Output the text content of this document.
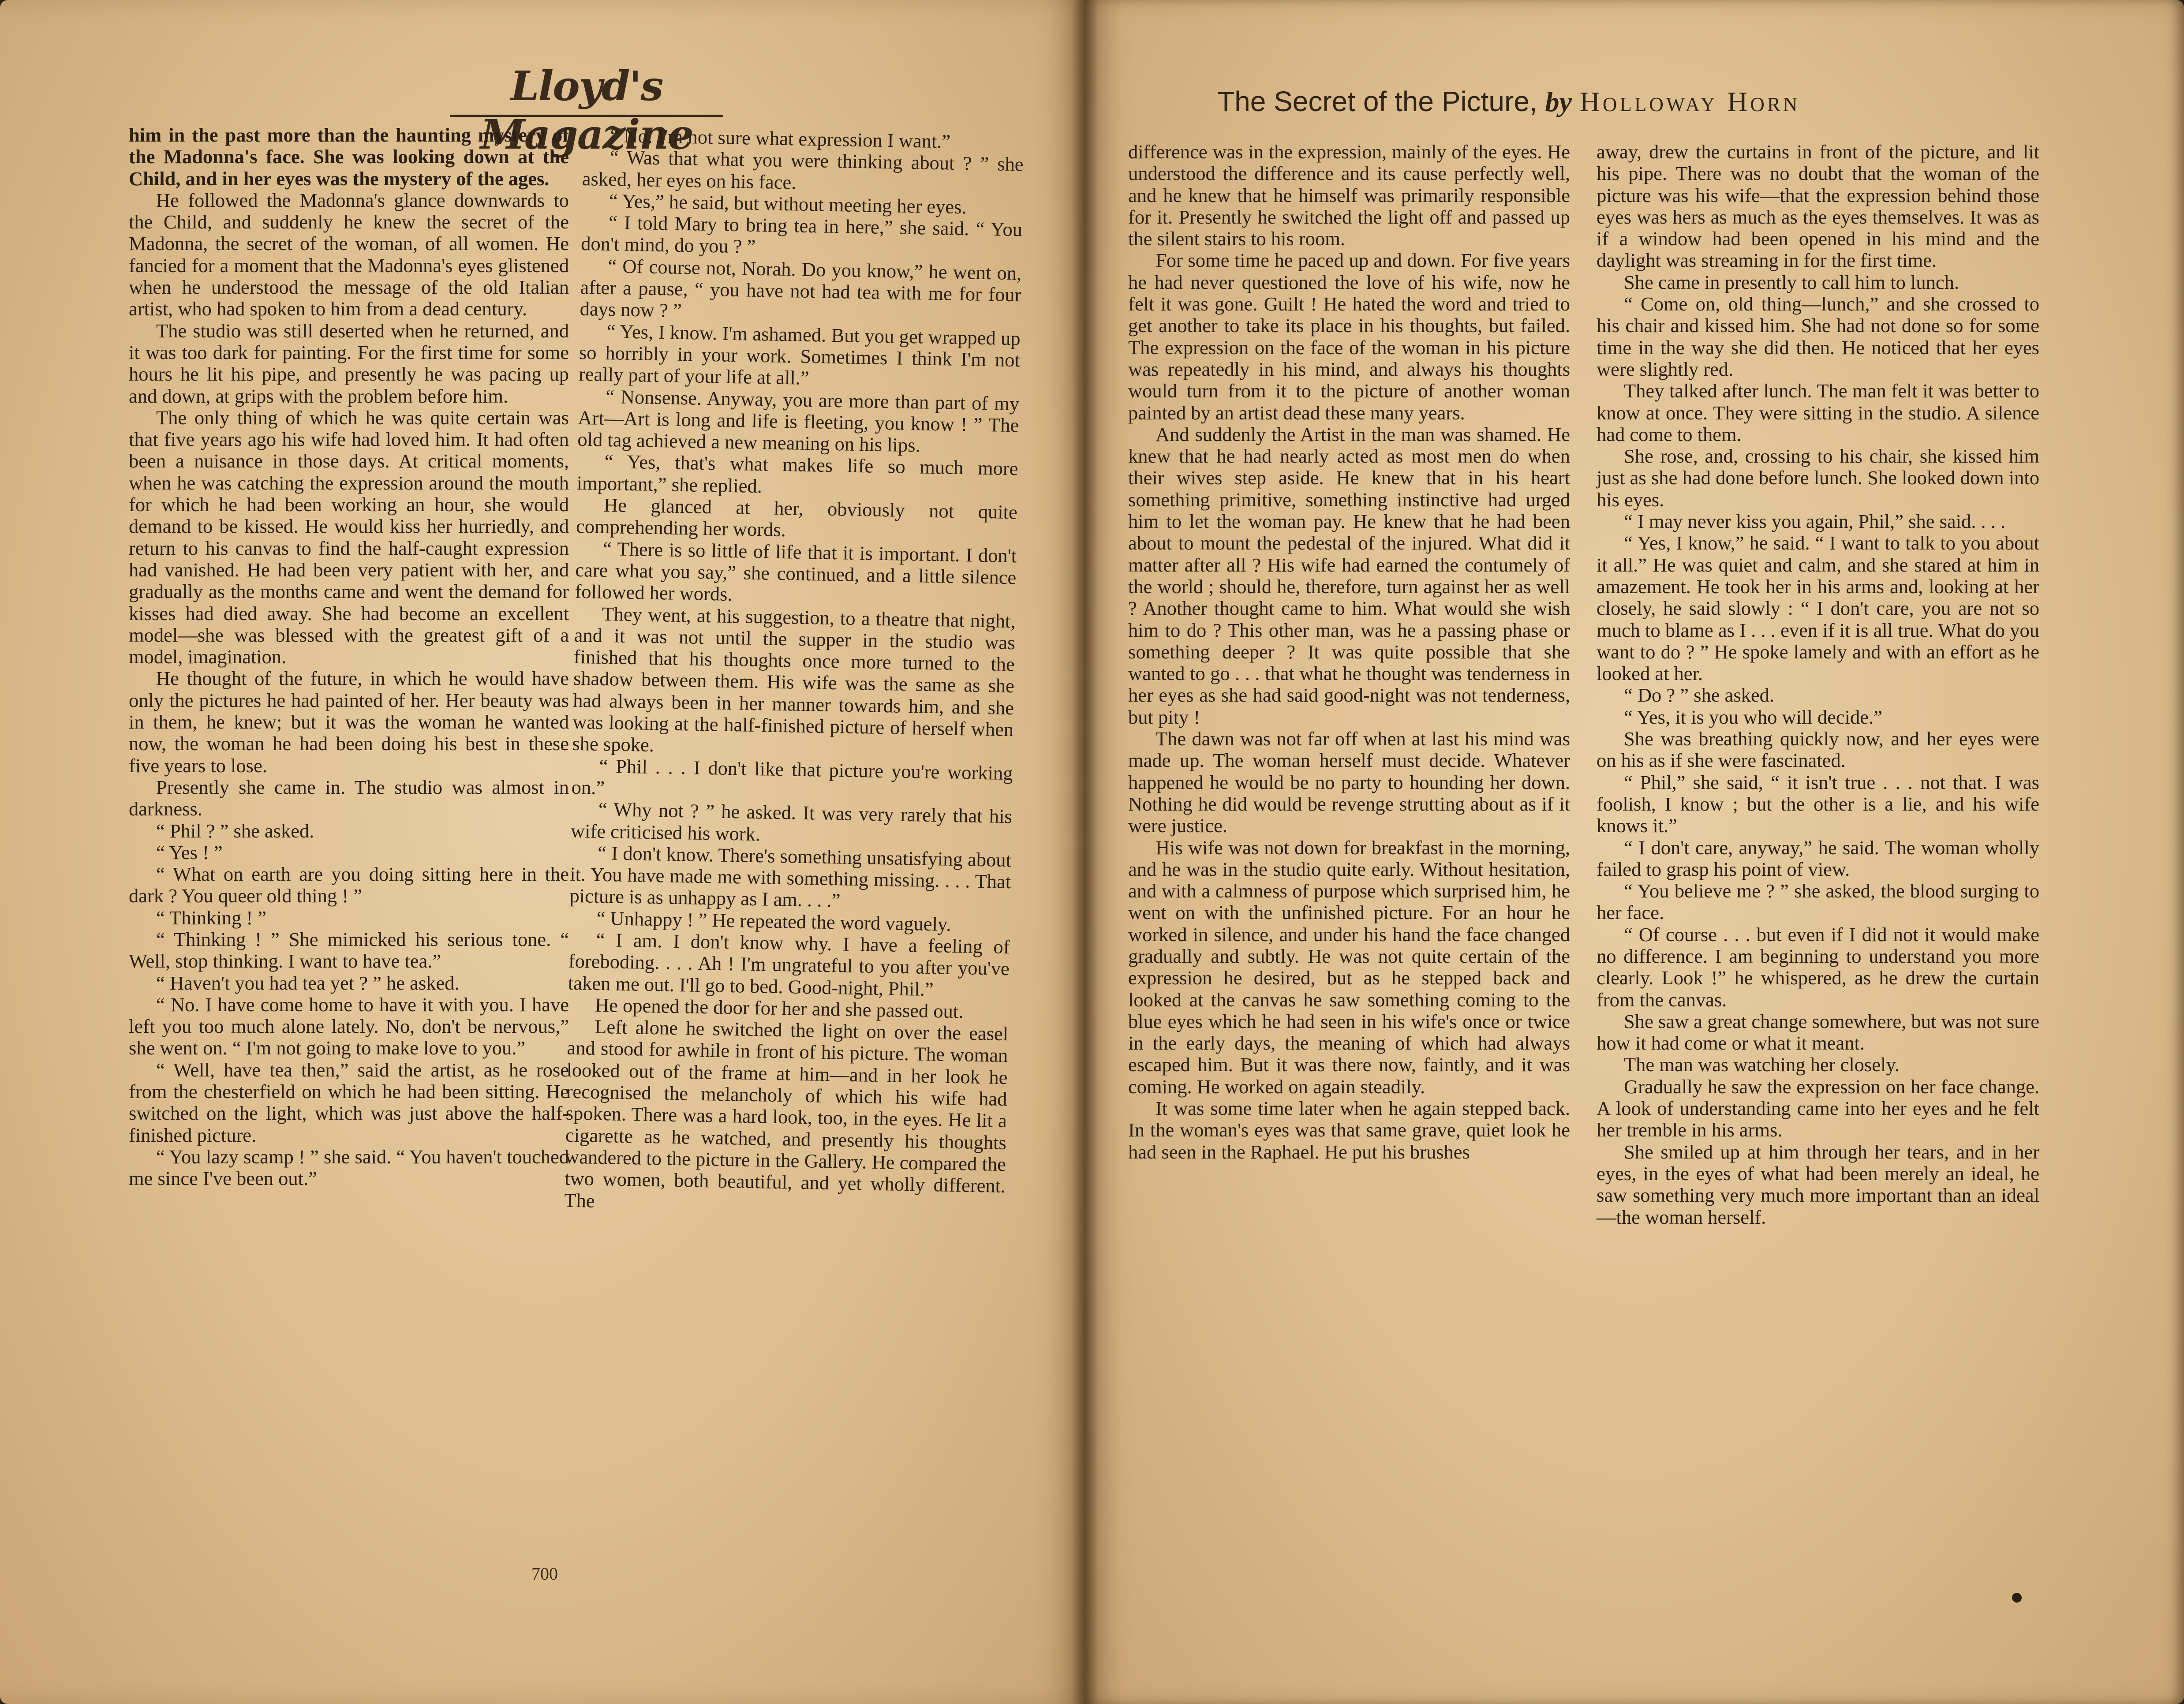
Lloyd's Magazine

him in the past more than the haunting mystery of the Madonna's face. She was looking down at the Child, and in her eyes was the mystery of the ages.

He followed the Madonna's glance downwards to the Child, and suddenly he knew the secret of the Madonna, the secret of the woman, of all women. He fancied for a moment that the Madonna's eyes glistened when he understood the message of the old Italian artist, who had spoken to him from a dead century.

The studio was still deserted when he returned, and it was too dark for painting. For the first time for some hours he lit his pipe, and presently he was pacing up and down, at grips with the problem before him.

The only thing of which he was quite certain was that five years ago his wife had loved him. It had often been a nuisance in those days. At critical moments, when he was catching the expression around the mouth for which he had been working an hour, she would demand to be kissed. He would kiss her hurriedly, and return to his canvas to find the half-caught expression had vanished. He had been very patient with her, and gradually as the months came and went the demand for kisses had died away. She had become an excellent model—she was blessed with the greatest gift of a model, imagination.

He thought of the future, in which he would have only the pictures he had painted of her. Her beauty was in them, he knew; but it was the woman he wanted now, the woman he had been doing his best in these five years to lose.

Presently she came in. The studio was almost in darkness.

“ Phil ? ” she asked.

“ Yes ! ”

“ What on earth are you doing sitting here in the dark ? You queer old thing ! ”

“ Thinking ! ”

“ Thinking ! ” She mimicked his serious tone. “ Well, stop thinking. I want to have tea.”

“ Haven't you had tea yet ? ” he asked.

“ No. I have come home to have it with you. I have left you too much alone lately. No, don't be nervous,” she went on. “ I'm not going to make love to you.”

“ Well, have tea then,” said the artist, as he rose from the chesterfield on which he had been sitting. He switched on the light, which was just above the half-finished picture.

“ You lazy scamp ! ” she said. “ You haven't touched me since I've been out.”

“ No. I'm not sure what expression I want.”

“ Was that what you were thinking about ? ” she asked, her eyes on his face.

“ Yes,” he said, but without meeting her eyes.

“ I told Mary to bring tea in here,” she said. “ You don't mind, do you ? ”

“ Of course not, Norah. Do you know,” he went on, after a pause, “ you have not had tea with me for four days now ? ”

“ Yes, I know. I'm ashamed. But you get wrapped up so horribly in your work. Sometimes I think I'm not really part of your life at all.”

“ Nonsense. Anyway, you are more than part of my Art—Art is long and life is fleeting, you know ! ” The old tag achieved a new meaning on his lips.

“ Yes, that's what makes life so much more important,” she replied.

He glanced at her, obviously not quite comprehending her words.

“ There is so little of life that it is important. I don't care what you say,” she continued, and a little silence followed her words.

They went, at his suggestion, to a theatre that night, and it was not until the supper in the studio was finished that his thoughts once more turned to the shadow between them. His wife was the same as she had always been in her manner towards him, and she was looking at the half-finished picture of herself when she spoke.

“ Phil . . . I don't like that picture you're working on.”

“ Why not ? ” he asked. It was very rarely that his wife criticised his work.

“ I don't know. There's something unsatisfying about it. You have made me with something missing. . . . That picture is as unhappy as I am. . . .”

“ Unhappy ! ” He repeated the word vaguely.

“ I am. I don't know why. I have a feeling of foreboding. . . . Ah ! I'm ungrateful to you after you've taken me out. I'll go to bed. Good-night, Phil.”

He opened the door for her and she passed out.

Left alone he switched the light on over the easel and stood for awhile in front of his picture. The woman looked out of the frame at him—and in her look he recognised the melancholy of which his wife had spoken. There was a hard look, too, in the eyes. He lit a cigarette as he watched, and presently his thoughts wandered to the picture in the Gallery. He compared the two women, both beautiful, and yet wholly different. The

700
The Secret of the Picture, by Holloway Horn

difference was in the expression, mainly of the eyes. He understood the difference and its cause perfectly well, and he knew that he himself was primarily responsible for it. Presently he switched the light off and passed up the silent stairs to his room.

For some time he paced up and down. For five years he had never questioned the love of his wife, now he felt it was gone. Guilt ! He hated the word and tried to get another to take its place in his thoughts, but failed. The expression on the face of the woman in his picture was repeatedly in his mind, and always his thoughts would turn from it to the picture of another woman painted by an artist dead these many years.

And suddenly the Artist in the man was shamed. He knew that he had nearly acted as most men do when their wives step aside. He knew that in his heart something primitive, something instinctive had urged him to let the woman pay. He knew that he had been about to mount the pedestal of the injured. What did it matter after all ? His wife had earned the contumely of the world ; should he, therefore, turn against her as well ? Another thought came to him. What would she wish him to do ? This other man, was he a passing phase or something deeper ? It was quite possible that she wanted to go . . . that what he thought was tenderness in her eyes as she had said good-night was not tenderness, but pity !

The dawn was not far off when at last his mind was made up. The woman herself must decide. Whatever happened he would be no party to hounding her down. Nothing he did would be revenge strutting about as if it were justice.

His wife was not down for breakfast in the morning, and he was in the studio quite early. Without hesitation, and with a calmness of purpose which surprised him, he went on with the unfinished picture. For an hour he worked in silence, and under his hand the face changed gradually and subtly. He was not quite certain of the expression he desired, but as he stepped back and looked at the canvas he saw something coming to the blue eyes which he had seen in his wife's once or twice in the early days, the meaning of which had always escaped him. But it was there now, faintly, and it was coming. He worked on again steadily.

It was some time later when he again stepped back. In the woman's eyes was that same grave, quiet look he had seen in the Raphael. He put his brushes

away, drew the curtains in front of the picture, and lit his pipe. There was no doubt that the woman of the picture was his wife—that the expression behind those eyes was hers as much as the eyes themselves. It was as if a window had been opened in his mind and the daylight was streaming in for the first time.

She came in presently to call him to lunch.

“ Come on, old thing—lunch,” and she crossed to his chair and kissed him. She had not done so for some time in the way she did then. He noticed that her eyes were slightly red.

They talked after lunch. The man felt it was better to know at once. They were sitting in the studio. A silence had come to them.

She rose, and, crossing to his chair, she kissed him just as she had done before lunch. She looked down into his eyes.

“ I may never kiss you again, Phil,” she said. . . .

“ Yes, I know,” he said. “ I want to talk to you about it all.” He was quiet and calm, and she stared at him in amazement. He took her in his arms and, looking at her closely, he said slowly : “ I don't care, you are not so much to blame as I . . . even if it is all true. What do you want to do ? ” He spoke lamely and with an effort as he looked at her.

“ Do ? ” she asked.

“ Yes, it is you who will decide.”

She was breathing quickly now, and her eyes were on his as if she were fascinated.

“ Phil,” she said, “ it isn't true . . . not that. I was foolish, I know ; but the other is a lie, and his wife knows it.”

“ I don't care, anyway,” he said. The woman wholly failed to grasp his point of view.

“ You believe me ? ” she asked, the blood surging to her face.

“ Of course . . . but even if I did not it would make no difference. I am beginning to understand you more clearly. Look !” he whispered, as he drew the curtain from the canvas.

She saw a great change somewhere, but was not sure how it had come or what it meant.

The man was watching her closely.

Gradually he saw the expression on her face change. A look of understanding came into her eyes and he felt her tremble in his arms.

She smiled up at him through her tears, and in her eyes, in the eyes of what had been merely an ideal, he saw something very much more important than an ideal—the woman herself.
